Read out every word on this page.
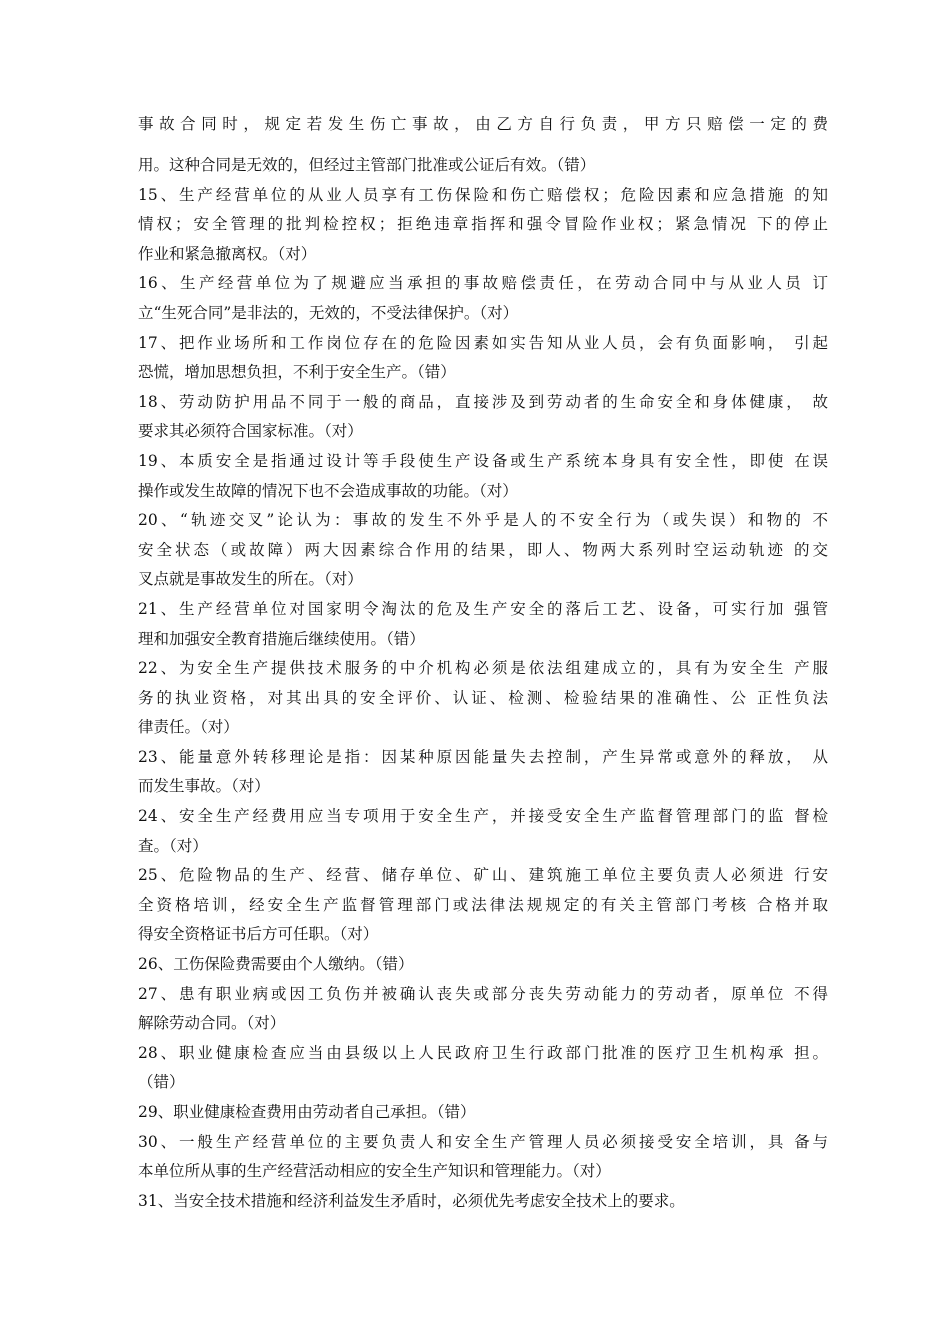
事故合同时，规定若发生伤亡事故，由乙方自行负责，甲方只赔偿一定的费
用。这种合同是无效的，但经过主管部门批准或公证后有效。（错）
15、生产经营单位的从业人员享有工伤保险和伤亡赔偿权；危险因素和应急措施 的知
情权；安全管理的批判检控权；拒绝违章指挥和强令冒险作业权；紧急情况 下的停止
作业和紧急撤离权。（对）
16、生产经营单位为了规避应当承担的事故赔偿责任，在劳动合同中与从业人员 订
立“生死合同”是非法的，无效的，不受法律保护。（对）
17、把作业场所和工作岗位存在的危险因素如实告知从业人员，会有负面影响， 引起
恐慌，增加思想负担，不利于安全生产。（错）
18、劳动防护用品不同于一般的商品，直接涉及到劳动者的生命安全和身体健康， 故
要求其必须符合国家标准。（对）
19、本质安全是指通过设计等手段使生产设备或生产系统本身具有安全性，即使 在误
操作或发生故障的情况下也不会造成事故的功能。（对）
20、“轨迹交叉”论认为：事故的发生不外乎是人的不安全行为（或失误）和物的 不
安全状态（或故障）两大因素综合作用的结果，即人、物两大系列时空运动轨迹 的交
叉点就是事故发生的所在。（对）
21、生产经营单位对国家明令淘汰的危及生产安全的落后工艺、设备，可实行加 强管
理和加强安全教育措施后继续使用。（错）
22、为安全生产提供技术服务的中介机构必须是依法组建成立的，具有为安全生 产服
务的执业资格，对其出具的安全评价、认证、检测、检验结果的准确性、公 正性负法
律责任。（对）
23、能量意外转移理论是指：因某种原因能量失去控制，产生异常或意外的释放， 从
而发生事故。（对）
24、安全生产经费用应当专项用于安全生产，并接受安全生产监督管理部门的监 督检
查。（对）
25、危险物品的生产、经营、储存单位、矿山、建筑施工单位主要负责人必须进 行安
全资格培训，经安全生产监督管理部门或法律法规规定的有关主管部门考核 合格并取
得安全资格证书后方可任职。（对）
26、工伤保险费需要由个人缴纳。（错）
27、患有职业病或因工负伤并被确认丧失或部分丧失劳动能力的劳动者，原单位 不得
解除劳动合同。（对）
28、职业健康检查应当由县级以上人民政府卫生行政部门批准的医疗卫生机构承 担。
（错）
29、职业健康检查费用由劳动者自己承担。（错）
30、一般生产经营单位的主要负责人和安全生产管理人员必须接受安全培训，具 备与
本单位所从事的生产经营活动相应的安全生产知识和管理能力。（对）
31、当安全技术措施和经济利益发生矛盾时，必须优先考虑安全技术上的要求。
